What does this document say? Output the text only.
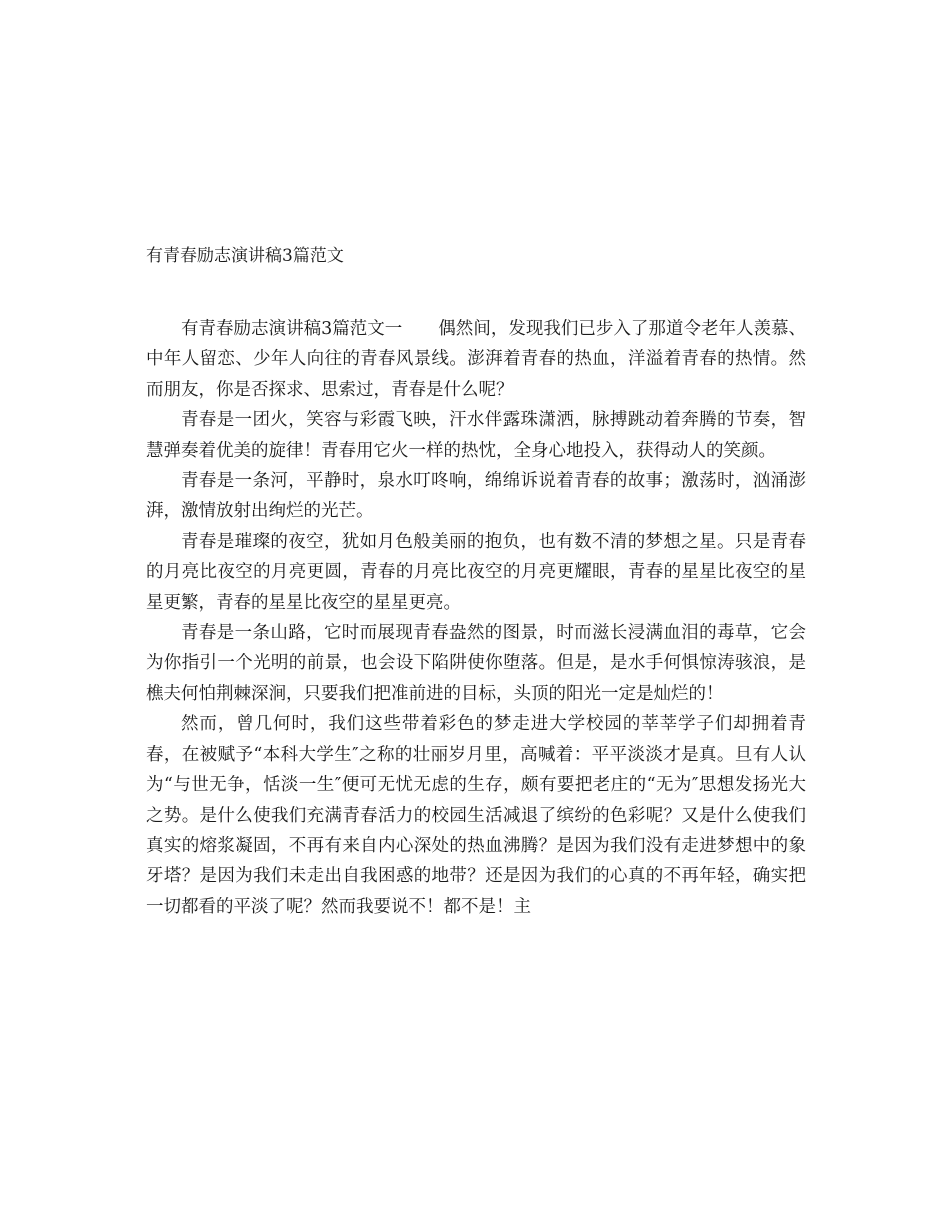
有青春励志演讲稿3篇范文

有青春励志演讲稿3篇范文一 偶然间，发现我们已步入了那道令老年人羡慕、中年人留恋、少年人向往的青春风景线。澎湃着青春的热血，洋溢着青春的热情。然而朋友，你是否探求、思索过，青春是什么呢？

青春是一团火，笑容与彩霞飞映，汗水伴露珠潇洒，脉搏跳动着奔腾的节奏，智慧弹奏着优美的旋律！青春用它火一样的热忱，全身心地投入，获得动人的笑颜。

青春是一条河，平静时，泉水叮咚响，绵绵诉说着青春的故事；激荡时，汹涌澎湃，激情放射出绚烂的光芒。

青春是璀璨的夜空，犹如月色般美丽的抱负，也有数不清的梦想之星。只是青春的月亮比夜空的月亮更圆，青春的月亮比夜空的月亮更耀眼，青春的星星比夜空的星星更繁，青春的星星比夜空的星星更亮。

青春是一条山路，它时而展现青春盎然的图景，时而滋长浸满血泪的毒草，它会为你指引一个光明的前景，也会设下陷阱使你堕落。但是，是水手何惧惊涛骇浪，是樵夫何怕荆棘深涧，只要我们把准前进的目标，头顶的阳光一定是灿烂的！

然而，曾几何时，我们这些带着彩色的梦走进大学校园的莘莘学子们却拥着青春，在被赋予“本科大学生″之称的壮丽岁月里，高喊着：平平淡淡才是真。旦有人认为“与世无争，恬淡一生″便可无忧无虑的生存，颇有要把老庄的“无为″思想发扬光大之势。是什么使我们充满青春活力的校园生活减退了缤纷的色彩呢？又是什么使我们真实的熔浆凝固，不再有来自内心深处的热血沸腾？是因为我们没有走进梦想中的象牙塔？是因为我们未走出自我困惑的地带？还是因为我们的心真的不再年轻，确实把一切都看的平淡了呢？然而我要说不！都不是！主
